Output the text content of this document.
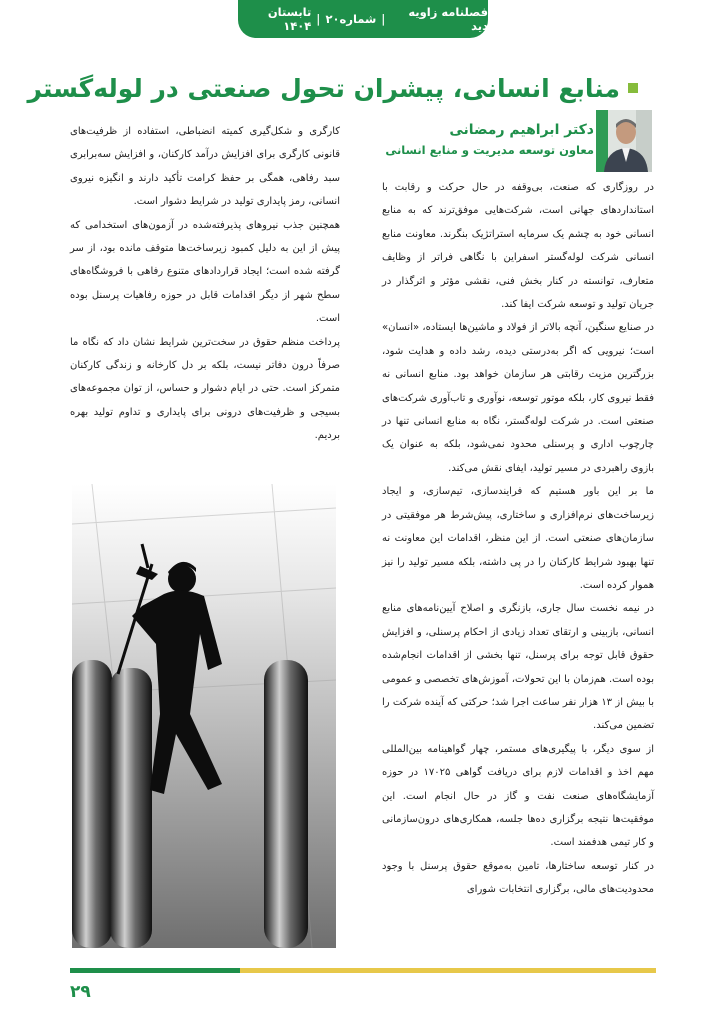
فصلنامه زاویه دید
|
شماره۲۰
|
تابستان ۱۴۰۴
منابع انسانی، پیشران تحول صنعتی در لوله‌گستر

کارگری و شکل‌گیری کمیته انضباطی، استفاده از ظرفیت‌های قانونی کارگری برای افزایش درآمد کارکنان، و افزایش سه‌برابری سبد رفاهی، همگی بر حفظ کرامت تأکید دارند و انگیزه نیروی انسانی، رمز پایداری تولید در شرایط دشوار است.

همچنین جذب نیروهای پذیرفته‌شده در آزمون‌های استخدامی که پیش از این به دلیل کمبود زیرساخت‌ها متوقف مانده بود، از سر گرفته شده است؛ ایجاد قراردادهای متنوع رفاهی با فروشگاه‌های سطح شهر از دیگر اقدامات قابل در حوزه رفاهیات پرسنل بوده است.

پرداخت منظم حقوق در سخت‌ترین شرایط نشان داد که نگاه ما صرفاً درون دفاتر نیست، بلکه بر دل کارخانه و زندگی کارکنان متمرکز است. حتی در ایام دشوار و حساس، از توان مجموعه‌های بسیجی و ظرفیت‌های درونی برای پایداری و تداوم تولید بهره بردیم.

دکتر ابراهیم رمضانی
معاون توسعه مدیریت و منابع انسانی

در روزگاری که صنعت، بی‌وقفه در حال حرکت و رقابت با استانداردهای جهانی است، شرکت‌هایی موفق‌ترند که به منابع انسانی خود به چشم یک سرمایه استراتژیک بنگرند. معاونت منابع انسانی شرکت لوله‌گستر اسفراین با نگاهی فراتر از وظایف متعارف، توانسته در کنار بخش فنی، نقشی مؤثر و اثرگذار در جریان تولید و توسعه شرکت ایفا کند.

در صنایع سنگین، آنچه بالاتر از فولاد و ماشین‌ها ایستاده، «انسان» است؛ نیرویی که اگر به‌درستی دیده، رشد داده و هدایت شود، بزرگترین مزیت رقابتی هر سازمان خواهد بود. منابع انسانی نه فقط نیروی کار، بلکه موتور توسعه، نوآوری و تاب‌آوری شرکت‌های صنعتی است. در شرکت لوله‌گستر، نگاه به منابع انسانی تنها در چارچوب اداری و پرسنلی محدود نمی‌شود، بلکه به عنوان یک بازوی راهبردی در مسیر تولید، ایفای نقش می‌کند.

ما بر این باور هستیم که فرایندسازی، تیم‌سازی، و ایجاد زیرساخت‌های نرم‌افزاری و ساختاری، پیش‌شرط هر موفقیتی در سازمان‌های صنعتی است. از این منظر، اقدامات این معاونت نه تنها بهبود شرایط کارکنان را در پی داشته، بلکه مسیر تولید را نیز هموار کرده است.

در نیمه نخست سال جاری، بازنگری و اصلاح آیین‌نامه‌های منابع انسانی، بازبینی و ارتقای تعداد زیادی از احکام پرسنلی، و افزایش حقوق قابل توجه برای پرسنل، تنها بخشی از اقدامات انجام‌شده بوده است. هم‌زمان با این تحولات، آموزش‌های تخصصی و عمومی با بیش از ۱۳ هزار نفر ساعت اجرا شد؛ حرکتی که آینده شرکت را تضمین می‌کند.

از سوی دیگر، با پیگیری‌های مستمر، چهار گواهینامه بین‌المللی مهم اخذ و اقدامات لازم برای دریافت گواهی ۱۷۰۲۵ در حوزه آزمایشگاه‌های صنعت نفت و گاز در حال انجام است. این موفقیت‌ها نتیجه برگزاری ده‌ها جلسه، همکاری‌های درون‌سازمانی و کار تیمی هدفمند است.

در کنار توسعه ساختارها، تامین به‌موقع حقوق پرسنل با وجود محدودیت‌های مالی، برگزاری انتخابات شورای

۲۹
